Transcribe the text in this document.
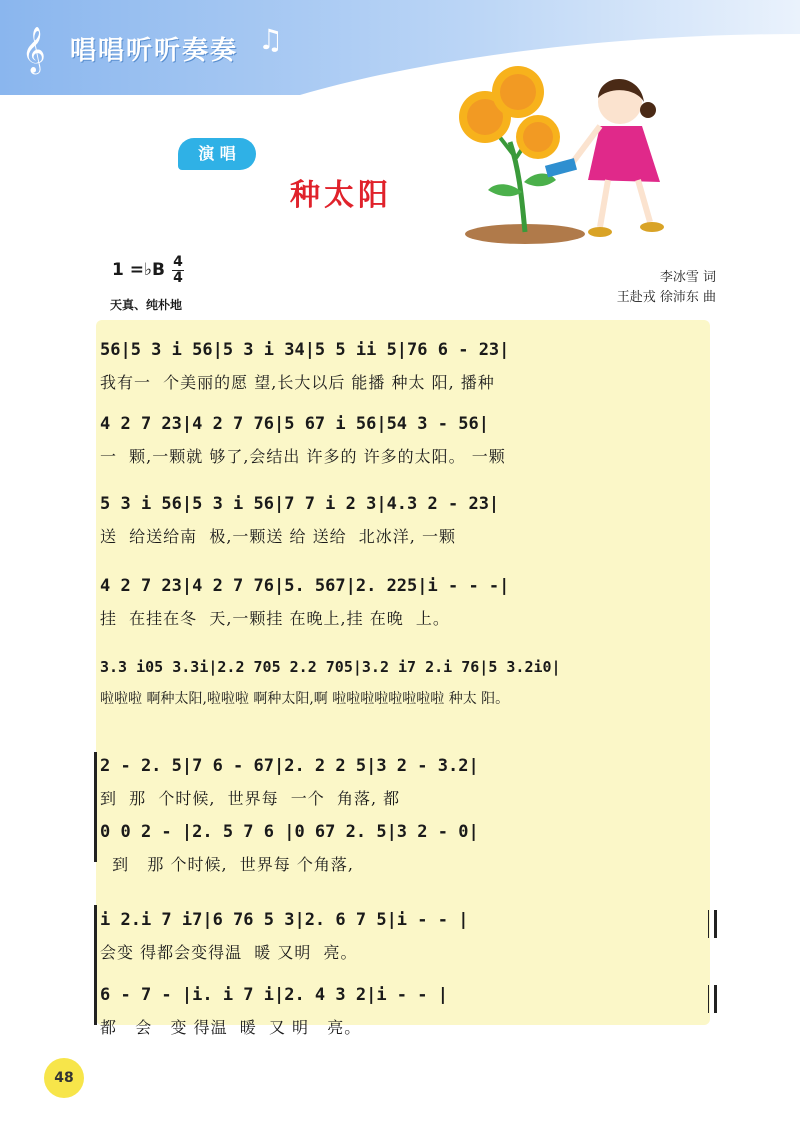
𝄞 唱唱听听奏奏 ♫
演 唱
种太阳
1 =♭B 4
4
天真、纯朴地
李冰雪 词
王赴戎 徐沛东 曲
56|5 3 i 56|5 3 i 34|5 5 ii 5|76 6 - 23|
我有一  个美丽的愿 望,长大以后 能播 种太 阳, 播种
4 2 7 23|4 2 7 76|5 67 i 56|54 3 - 56|
一  颗,一颗就 够了,会结出 许多的 许多的太阳。 一颗
5 3 i 56|5 3 i 56|7 7 i 2 3|4.3 2 - 23|
送  给送给南  极,一颗送 给 送给  北冰洋, 一颗
4 2 7 23|4 2 7 76|5. 567|2. 225|i - - -|
挂  在挂在冬  天,一颗挂 在晚上,挂 在晚  上。
3.3 i05 3.3i|2.2 705 2.2 705|3.2 i7 2.i 76|5 3.2i0|
啦啦啦 啊种太阳,啦啦啦 啊种太阳,啊 啦啦啦啦啦啦啦啦 种太 阳。
2 - 2. 5|7 6 - 67|2. 2 2 5|3 2 - 3.2|
到  那  个时候,  世界每  一个  角落, 都
0 0 2 - |2. 5 7 6 |0 67 2. 5|3 2 - 0|
到   那 个时候,  世界每 个角落,
i 2.i 7 i7|6 76 5 3|2. 6 7 5|i - - |
会变 得都会变得温  暖 又明  亮。
6 - 7 - |i. i 7 i|2. 4 3 2|i - - |
都   会   变 得温  暖  又 明   亮。
48
